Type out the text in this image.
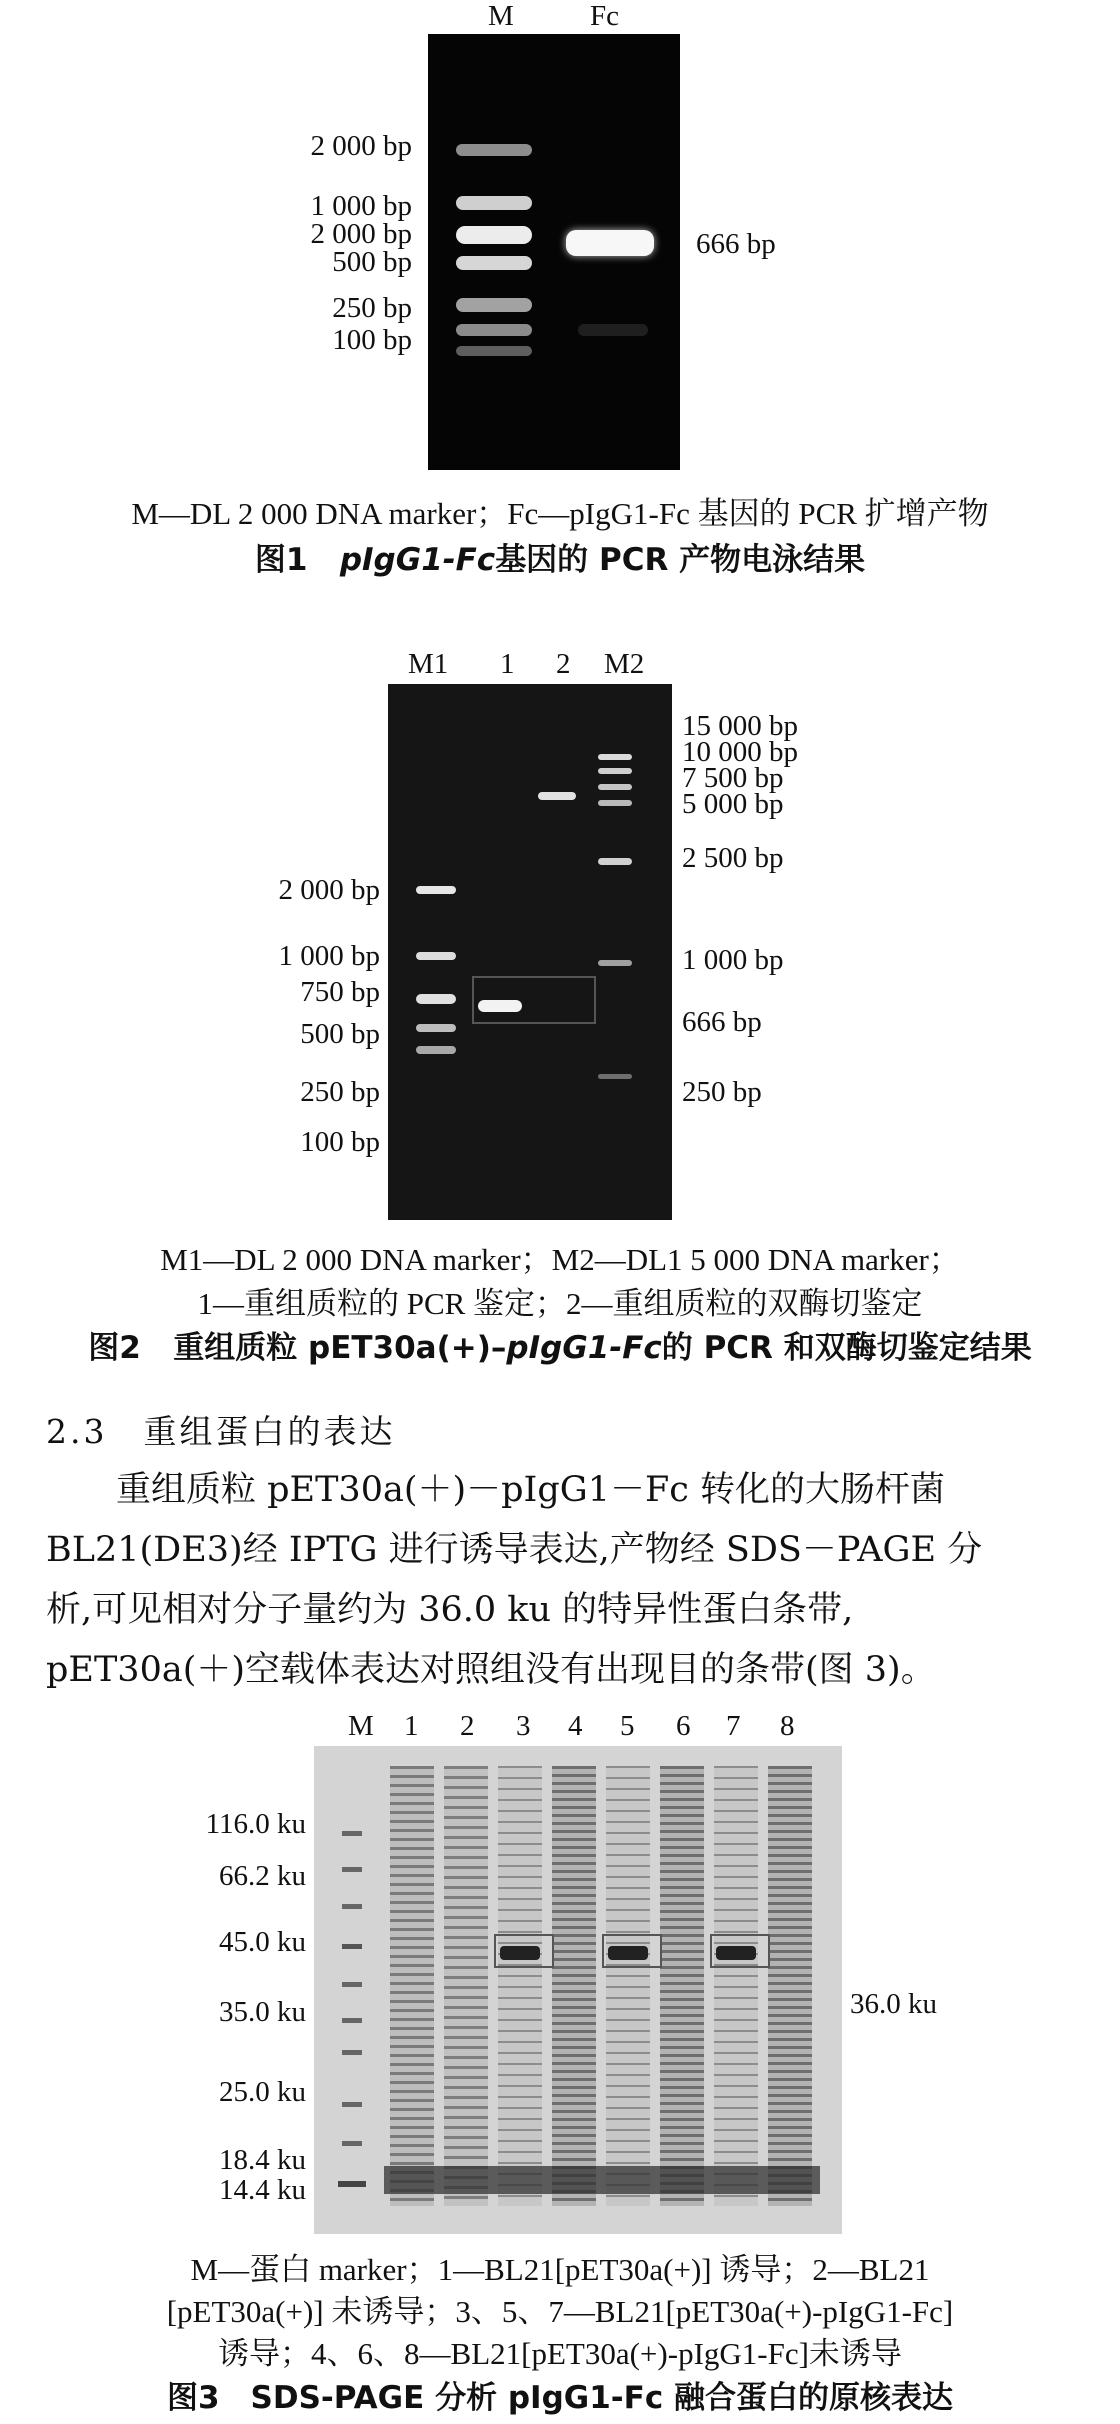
M	Fc
2 000 bp
1 000 bp
2 000 bp
500 bp
250 bp
100 bp
666 bp
M—DL 2 000 DNA marker；Fc—pIgG1-Fc 基因的 PCR 扩增产物
图1 pIgG1-Fc基因的 PCR 产物电泳结果
M1 1 2 M2
2 000 bp
1 000 bp
750 bp
500 bp
250 bp
100 bp
15 000 bp
10 000 bp
7 500 bp
5 000 bp
2 500 bp
1 000 bp
666 bp
250 bp
M1—DL 2 000 DNA marker；M2—DL1 5 000 DNA marker；
1—重组质粒的 PCR 鉴定；2—重组质粒的双酶切鉴定
图2 重组质粒 pET30a(+)–pIgG1-Fc的 PCR 和双酶切鉴定结果
2.3　重组蛋白的表达

重组质粒 pET30a(＋)－pIgG1－Fc 转化的大肠杆菌

BL21(DE3)经 IPTG 进行诱导表达,产物经 SDS－PAGE 分

析,可见相对分子量约为 36.0 ku 的特异性蛋白条带,

pET30a(＋)空载体表达对照组没有出现目的条带(图 3)。

M 1 2 3 4 5 6 7 8
116.0 ku
66.2 ku
45.0 ku
35.0 ku
25.0 ku
18.4 ku
14.4 ku
36.0 ku
M—蛋白 marker；1—BL21[pET30a(+)] 诱导；2—BL21
[pET30a(+)] 未诱导；3、5、7—BL21[pET30a(+)-pIgG1-Fc]
诱导；4、6、8—BL21[pET30a(+)-pIgG1-Fc]未诱导
图3　SDS-PAGE 分析 pIgG1-Fc 融合蛋白的原核表达
